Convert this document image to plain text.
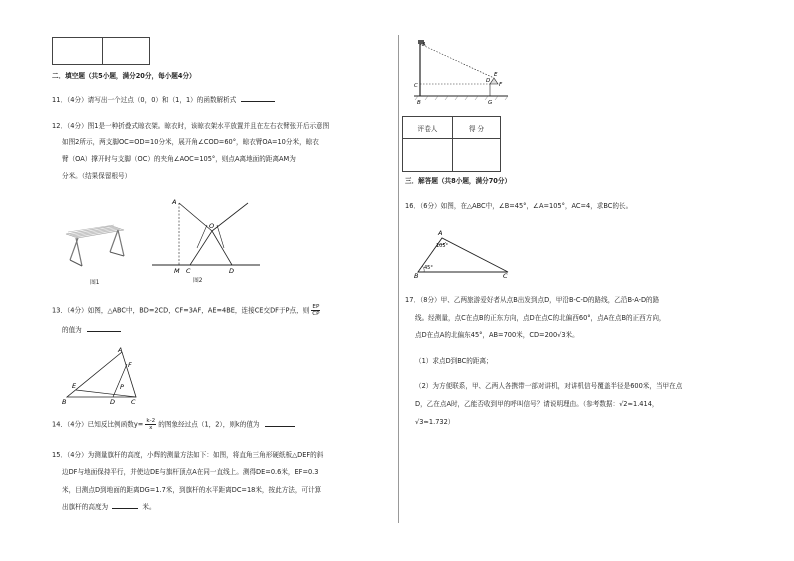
二．填空题（共5小题，满分20分，每小题4分）
11．（4分）请写出一个过点（0，0）和（1，1）的函数解析式
12．（4分）图1是一种折叠式晾衣架。晾衣时，该晾衣架水平放置并且在左右衣臂张开后示意图
如图2所示，两支脚OC=OD=10分米，展开角∠COD=60°，晾衣臂OA=10分米，晾衣
臂（OA）撑开时与支脚（OC）的夹角∠AOC=105°，则点A离地面的距离AM为
分米。（结果保留根号）
图1
A
O
M C	D
图2
13．（4分）如图，△ABC中，BD=2CD，CF=3AF，AE=4BE，连接CE交DF于P点，则 $\frac{EP}{CP}$
的值为
A
B	C
D
E
F
P
14．（4分）已知反比例函数$y= \frac{k-2}{x}$ 的图象经过点（1，2），则k的值为
15．（4分）为测量旗杆的高度，小辉的测量方法如下：如图，将直角三角形硬纸板△DEF的斜
边DF与地面保持平行，并使边DE与旗杆顶点A在同一直线上。测得DE=0.6米，EF=0.3
米，目测点D到地面的距离DG=1.7米，到旗杆的水平距离DC=18米，按此方法，可计算
出旗杆的高度为	米。
A
C
B
D
E
F
G
评卷人	得 分

三．解答题（共8小题，满分70分）
16．（6分）如图，在△ABC中，∠B=45°，∠A=105°，AC=4，求BC的长。
A
B	C
105°
45°
17．（8分）甲、乙两旅游爱好者从点B出发到点D，甲沿B-C-D的路线，乙沿B-A-D的路
线。经测量，点C在点B的正东方向，点D在点C的北偏西60°，点A在点B的正西方向，
点D在点A的北偏东45°，AB=700米，CD=200√3米。
（1）求点D到BC的距离；
（2）为方便联系，甲、乙两人各携带一部对讲机，对讲机信号覆盖半径是600米，当甲在点
D，乙在点A时，乙能否收到甲的呼叫信号？请说明理由。（参考数据：√2≈1.414，
√3≈1.732）
